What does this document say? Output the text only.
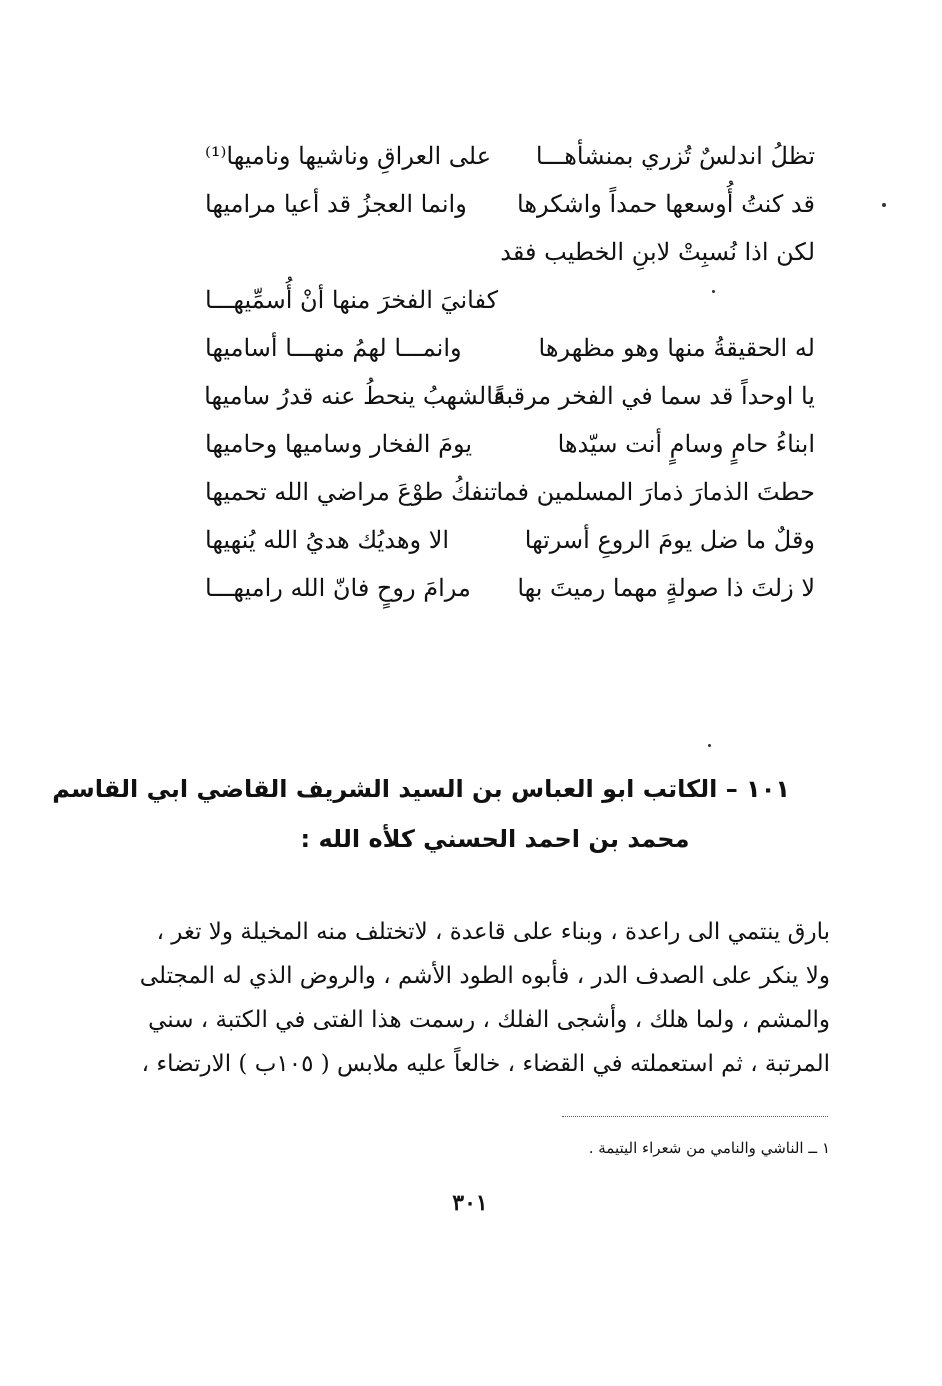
تظلُ اندلسٌ تُزري بمنشأهـــا
على العراقِ وناشيها وناميها⁽¹⁾
قد كنتُ أُوسعها حمداً واشكرها
وانما العجزُ قد أعيا مراميها
لكن اذا نُسبِتْ لابنِ الخطيب فقد
كفانيَ الفخرَ منها أنْ أُسمِّيهـــا
له الحقيقةُ منها وهو مظهرها
وانمـــا لهمُ منهـــا أساميها
يا اوحداً قد سما في الفخر مرقبةً
فالشهبُ ينحطُ عنه قدرُ ساميها
ابناءُ حامٍ وسامٍ أنت سيّدها
يومَ الفخار وساميها وحاميها
حطتَ الذمارَ ذمارَ المسلمين فما
تنفكُ طوْعَ مراضي الله تحميها
وقلٌ ما ضل يومَ الروعِ أسرتها
الا وهديُك هديُ الله يُنهيها
لا زلتَ ذا صولةٍ مهما رميتَ بها
مرامَ روحٍ فانّ الله راميهـــا
١٠١ – الكاتب ابو العباس بن السيد الشريف القاضي ابي القاسم
محمد بن احمد الحسني كلأه الله :

بارق ينتمي الى راعدة ، وبناء على قاعدة ، لاتختلف منه المخيلة ولا تغر ،

ولا ينكر على الصدف الدر ، فأبوه الطود الأشم ، والروض الذي له المجتلى

والمشم ، ولما هلك ، وأشجى الفلك ، رسمت هذا الفتى في الكتبة ، سني

المرتبة ، ثم استعملته في القضاء ، خالعاً عليه ملابس ( ١٠٥ب ) الارتضاء ،

١ ــ الناشي والنامي من شعراء اليتيمة .
٣٠١
